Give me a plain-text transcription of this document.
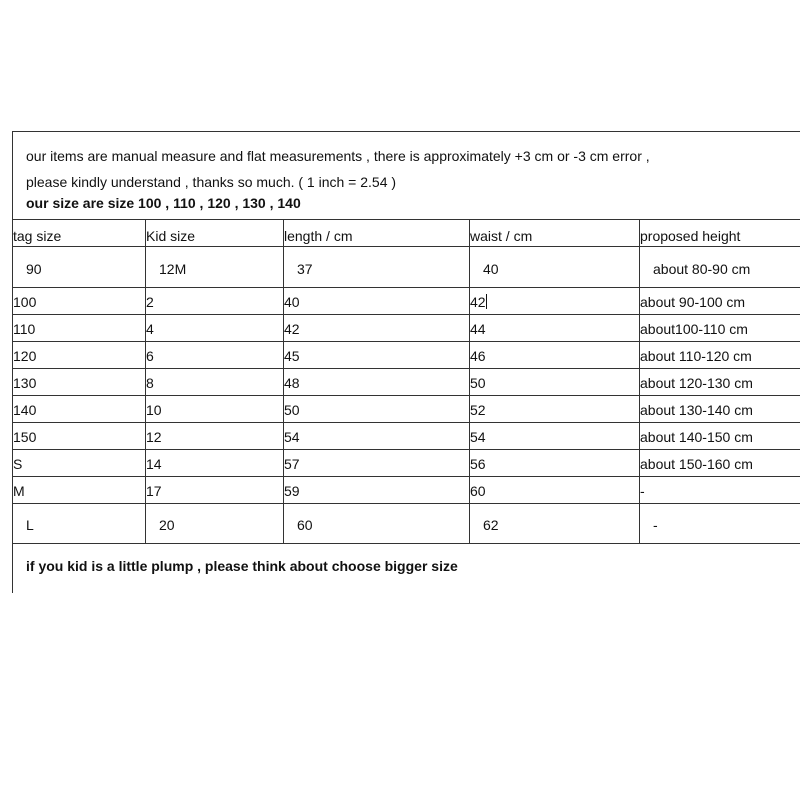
our items are manual measure and flat measurements , there is approximately +3 cm or -3 cm error ,
please kindly understand , thanks so much. ( 1 inch = 2.54 )
our size are size 100 , 110 , 120 , 130 , 140
tag size	Kid size	length / cm	waist / cm	proposed height
90	12M	37	40	about 80-90 cm
100	2	40	42	about 90-100 cm
110	4	42	44	about100-110 cm
120	6	45	46	about 110-120 cm
130	8	48	50	about 120-130 cm
140	10	50	52	about 130-140 cm
150	12	54	54	about 140-150 cm
S	14	57	56	about 150-160 cm
M	17	59	60	-
L	20	60	62	-
if you kid is a little plump , please think about choose bigger size
